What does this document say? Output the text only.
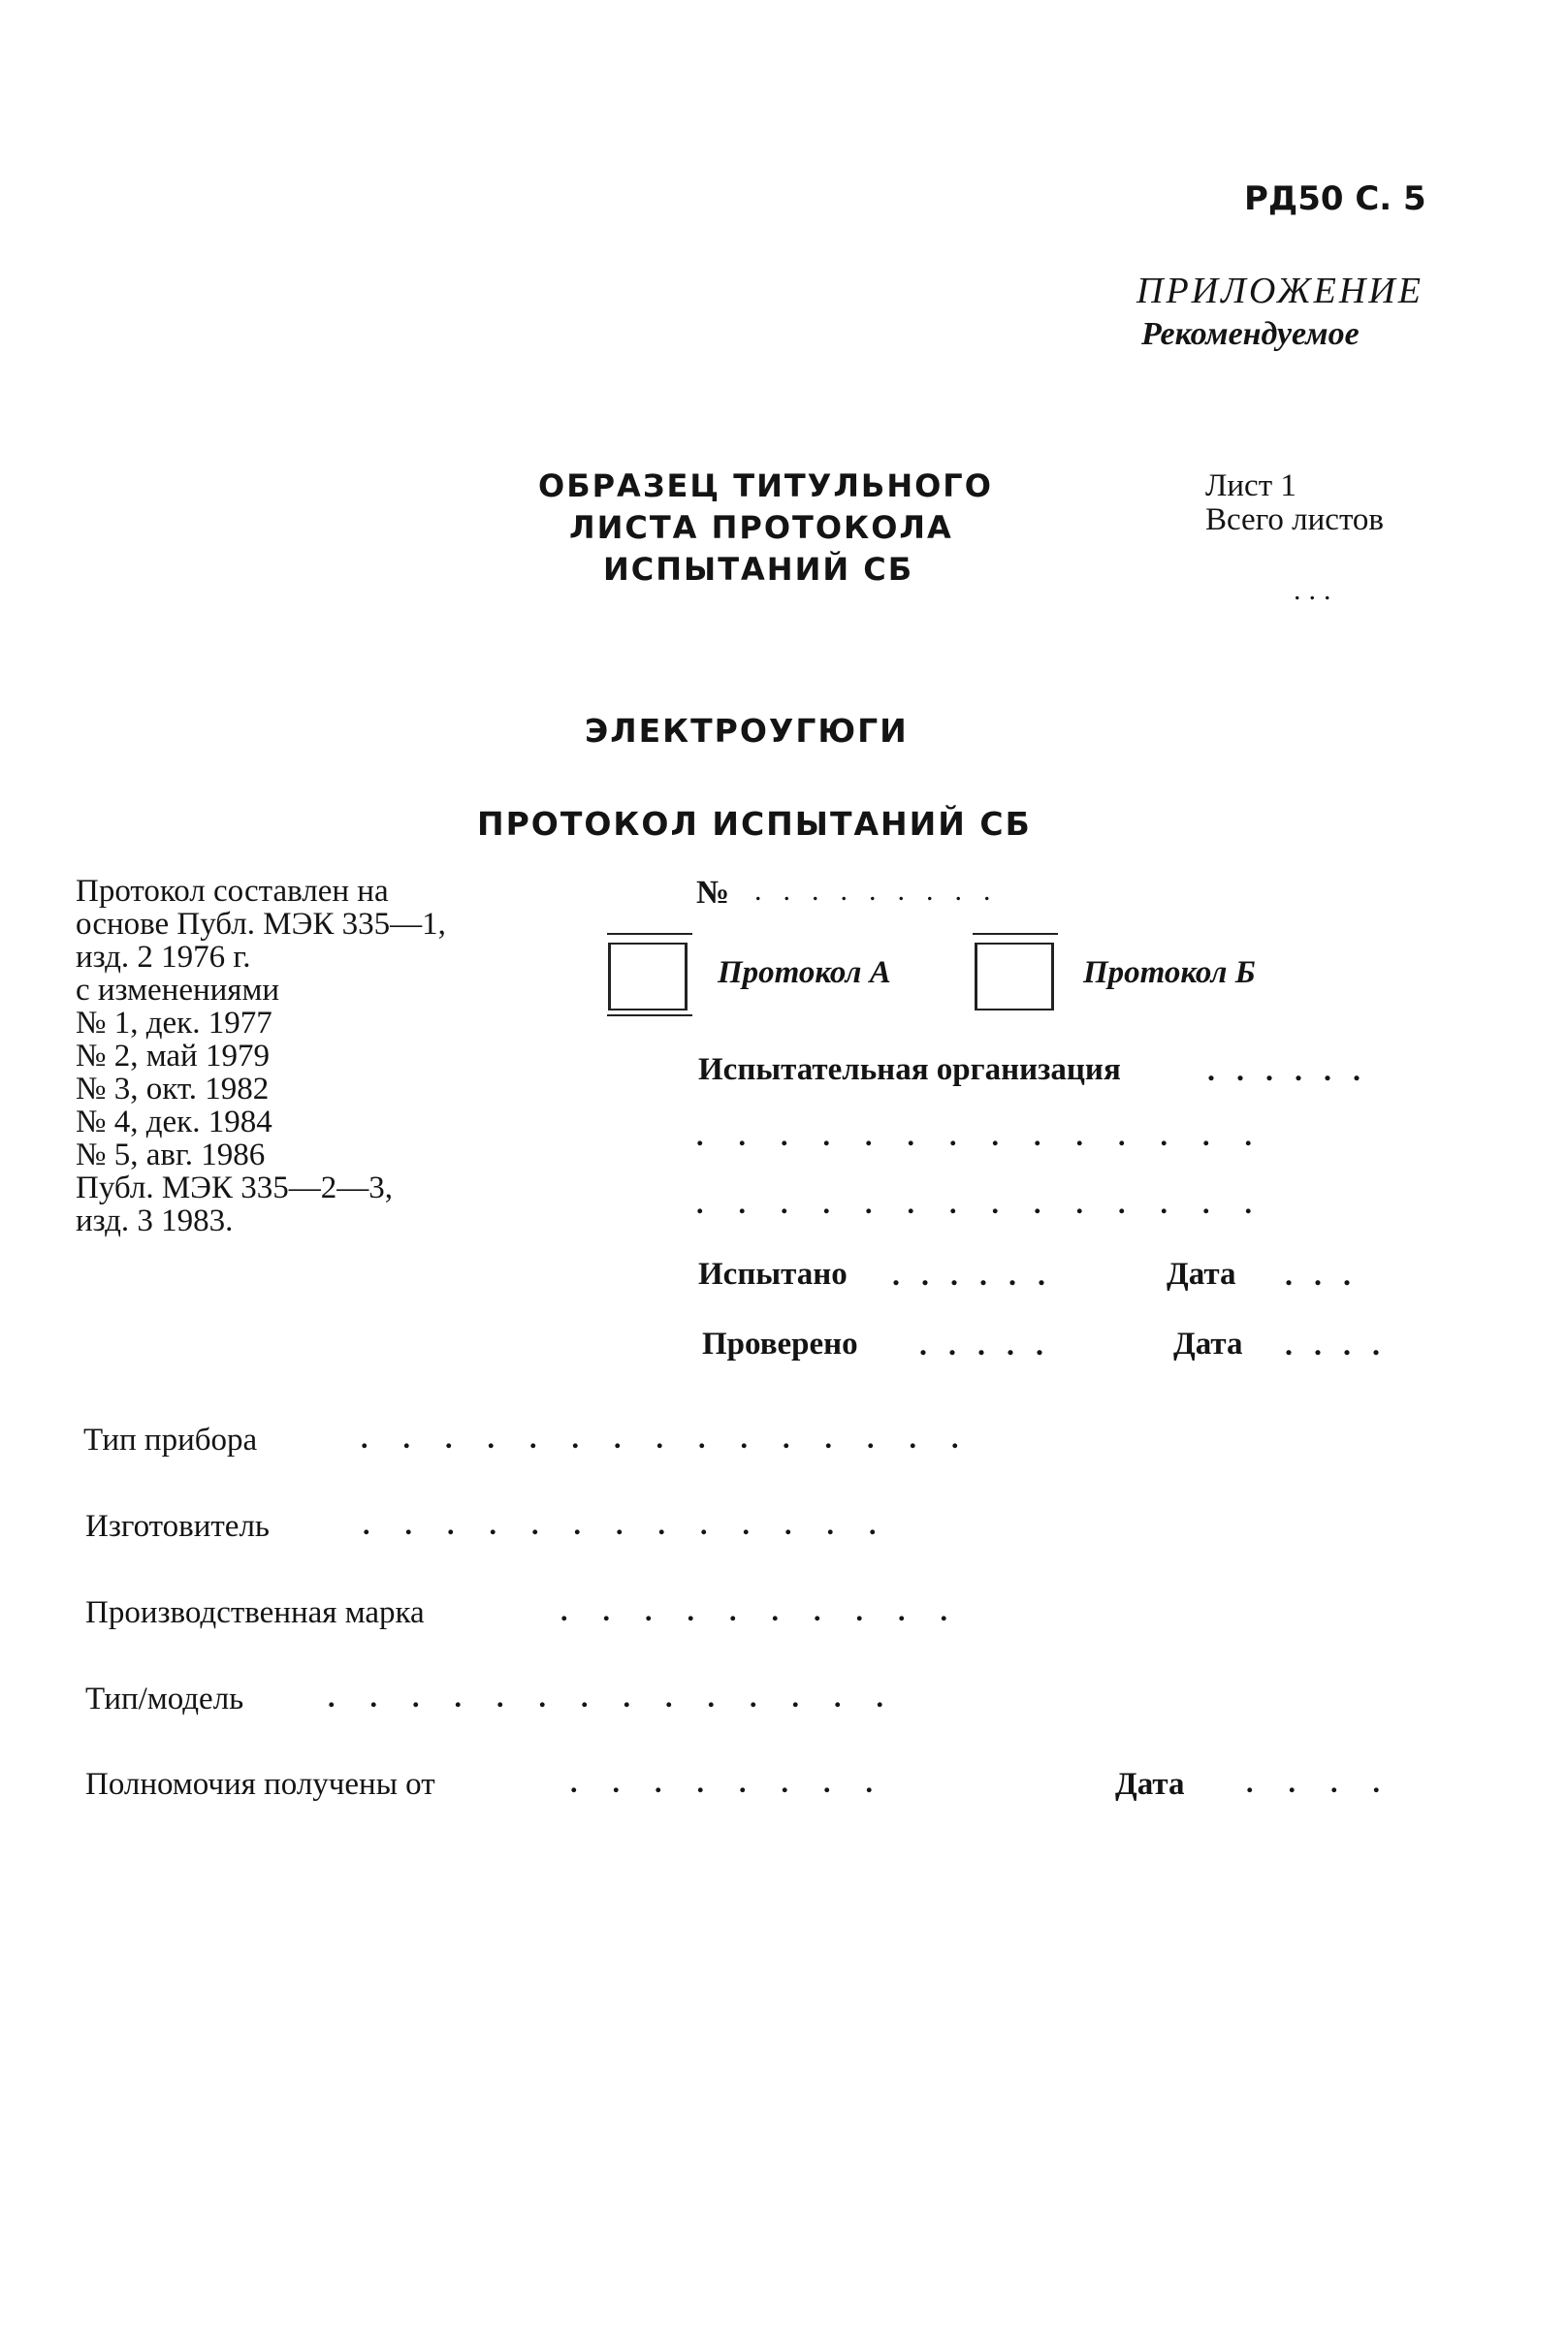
РД50 С. 5
ПРИЛОЖЕНИЕ
Рекомендуемое
ОБРАЗЕЦ ТИТУЛЬНОГО
ЛИСТА ПРОТОКОЛА
ИСПЫТАНИЙ СБ
Лист 1
Всего листов
...
ЭЛЕКТРОУГЮГИ
ПРОТОКОЛ ИСПЫТАНИЙ СБ
Протокол составлен на
основе Публ. МЭК 335—1,
изд. 2 1976 г.
с изменениями
№ 1, дек. 1977
№ 2, май 1979
№ 3, окт. 1982
№ 4, дек. 1984
№ 5, авг. 1986
Публ. МЭК 335—2—3,
изд. 3 1983.
№ .........
Протокол А	Протокол Б
Испытательная организация	......
..............
..............
Испытано ......	Дата ...
Проверено .....	Дата ....
Тип прибора	...............
Изготовитель	.............
Производственная марка	..........
Тип/модель	..............
Полномочия получены от	........	Дата ....
